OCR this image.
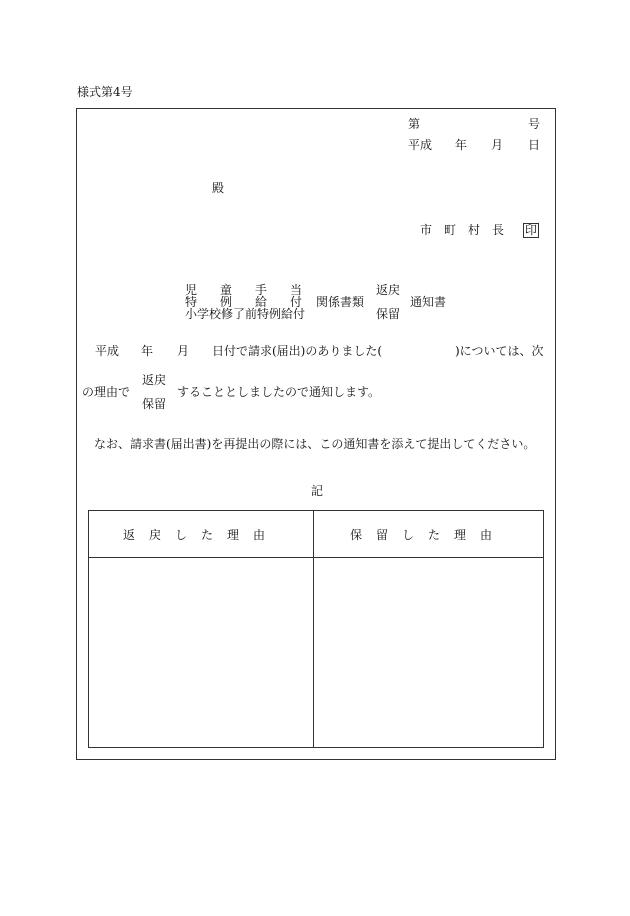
様式第4号
第	号
平成 年 月 日
殿
市 町 村 長 印
児 童 手 当
特 例 給 付
小学校修了前特例給付
関係書類
返戻
保留
通知書
平成 年 月 日付で請求(届出)のありました(	)については、次
の理由で
返戻
保留
することとしましたので通知します。
なお、請求書(届出書)を再提出の際には、この通知書を添えて提出してください。
記
返戻した理由	保留した理由
